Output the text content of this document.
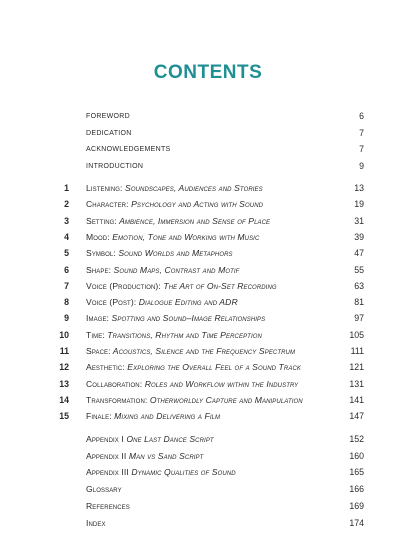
CONTENTS
FOREWORD	6
DEDICATION	7
ACKNOWLEDGEMENTS	7
INTRODUCTION	9
1 Listening: Soundscapes, Audiences and Stories	13
2 Character: Psychology and Acting with Sound	19
3 Setting: Ambience, Immersion and Sense of Place	31
4 Mood: Emotion, Tone and Working with Music	39
5 Symbol: Sound Worlds and Metaphors	47
6 Shape: Sound Maps, Contrast and Motif	55
7 Voice (Production): The Art of On-Set Recording	63
8 Voice (Post): Dialogue Editing and ADR	81
9 Image: Spotting and Sound–Image Relationships	97
10 Time: Transitions, Rhythm and Time Perception	105
11 Space: Acoustics, Silence and the Frequency Spectrum	111
12 Aesthetic: Exploring the Overall Feel of a Sound Track	121
13 Collaboration: Roles and Workflow within the Industry	131
14 Transformation: Otherworldly Capture and Manipulation	141
15 Finale: Mixing and Delivering a Film	147
Appendix I One Last Dance Script	152
Appendix II Man vs Sand Script	160
Appendix III Dynamic Qualities of Sound	165
Glossary	166
References	169
Index	174
